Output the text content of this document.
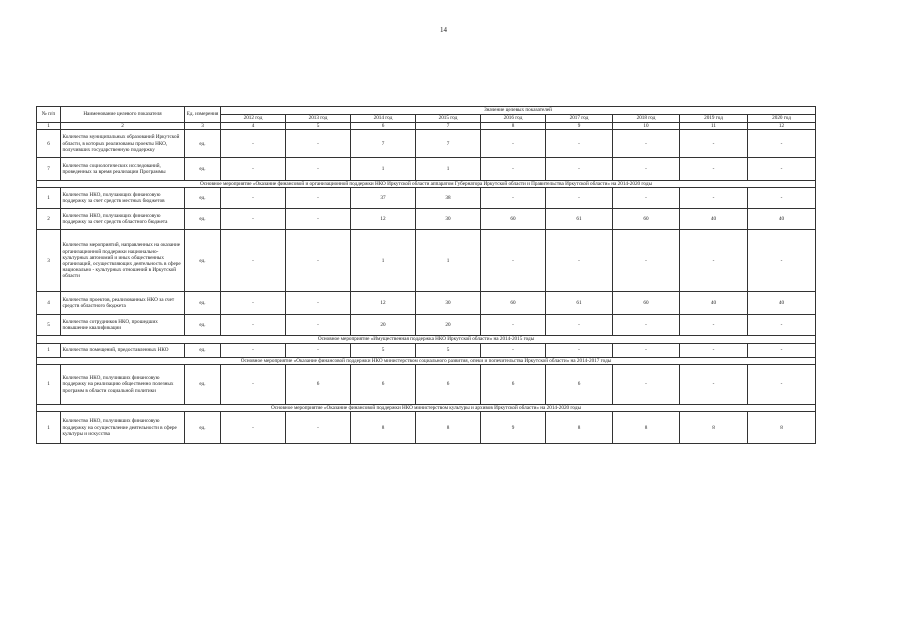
14
№ п/п	Наименование целевого показателя	Ед. измерения	Значение целевых показателей								
			2012 год	2013 год	2014 год	2015 год	2016 год	2017 год	2018 год	2019 год	2020 год
1	2	3	4	5	6	7	8	9	10	11	12
6	Количество муниципальных образований Иркутской области, в которых реализованы проекты НКО, получивших государственную поддержку	ед.	-	-	7	7	-	-	-	-	-
7	Количество социологических исследований, проведенных за время реализации Программы	ед.	-	-	1	1	-	-	-	-	-
Основное мероприятие «Оказание финансовой и организационной поддержки НКО Иркутской области аппаратом Губернатора Иркутской области и Правительства Иркутской области» на 2014-2020 годы											
1	Количество НКО, получающих финансовую поддержку за счет средств местных бюджетов	ед.	-	-	37	38	-	-	-	-	-
2	Количество НКО, получающих финансовую поддержку за счет средств областного бюджета	ед.	-	-	12	30	60	61	60	40	40
3	Количество мероприятий, направленных на оказание организационной поддержки национально-культурных автономий и иных общественных организаций, осуществляющих деятельность в сфере национально - культурных отношений в Иркутской области	ед.	-	-	1	1	-	-	-	-	-
4	Количество проектов, реализованных НКО за счет средств областного бюджета	ед.	-	-	12	30	60	61	60	40	40
5	Количество сотрудников НКО, прошедших повышение квалификации	ед.	-	-	20	20	-	-	-	-	-
Основное мероприятие «Имущественная поддержка НКО Иркутской области» на 2014-2015 годы											
1	Количество помещений, предоставленных НКО	ед.	-	-	5	5	-	-	-	-	-
Основное мероприятие «Оказание финансовой поддержки НКО министерством социального развития, опеки и попечительства Иркутской области» на 2014-2017 годы											
1	Количество НКО, получивших финансовую поддержку на реализацию общественно полезных программ в области социальной политики	ед.	-	6	6	6	6	6	-	-	-
Основное мероприятие «Оказание финансовой поддержки НКО министерством культуры и архивов Иркутской области» на 2014-2020 годы											
1	Количество НКО, получивших финансовую поддержку на осуществление деятельности в сфере культуры и искусства	ед.	-	-	8	8	9	8	8	8	8
